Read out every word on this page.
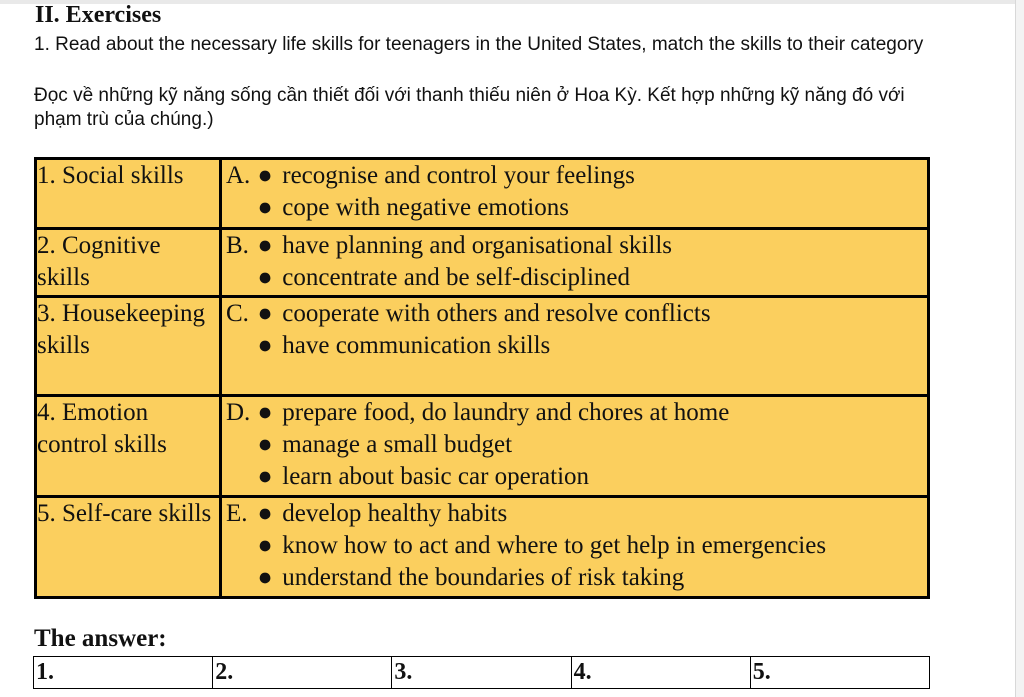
II. Exercises
1. Read about the necessary life skills for teenagers in the United States, match the skills to their category
Đọc về những kỹ năng sống cần thiết đối với thanh thiếu niên ở Hoa Kỳ. Kết hợp những kỹ năng đó với phạm trù của chúng.)
1. Social skills	A. ● recognise and control your feelings
● cope with negative emotions

2. Cognitive skills	B. ● have planning and organisational skills
● concentrate and be self-disciplined

3. Housekeeping skills	C. ● cooperate with others and resolve conflicts
● have communication skills

4. Emotion control skills	D. ● prepare food, do laundry and chores at home
● manage a small budget
● learn about basic car operation

5. Self-care skills	E. ● develop healthy habits
● know how to act and where to get help in emergencies
● understand the boundaries of risk taking
The answer:
1.	2.	3.	4.	5.
